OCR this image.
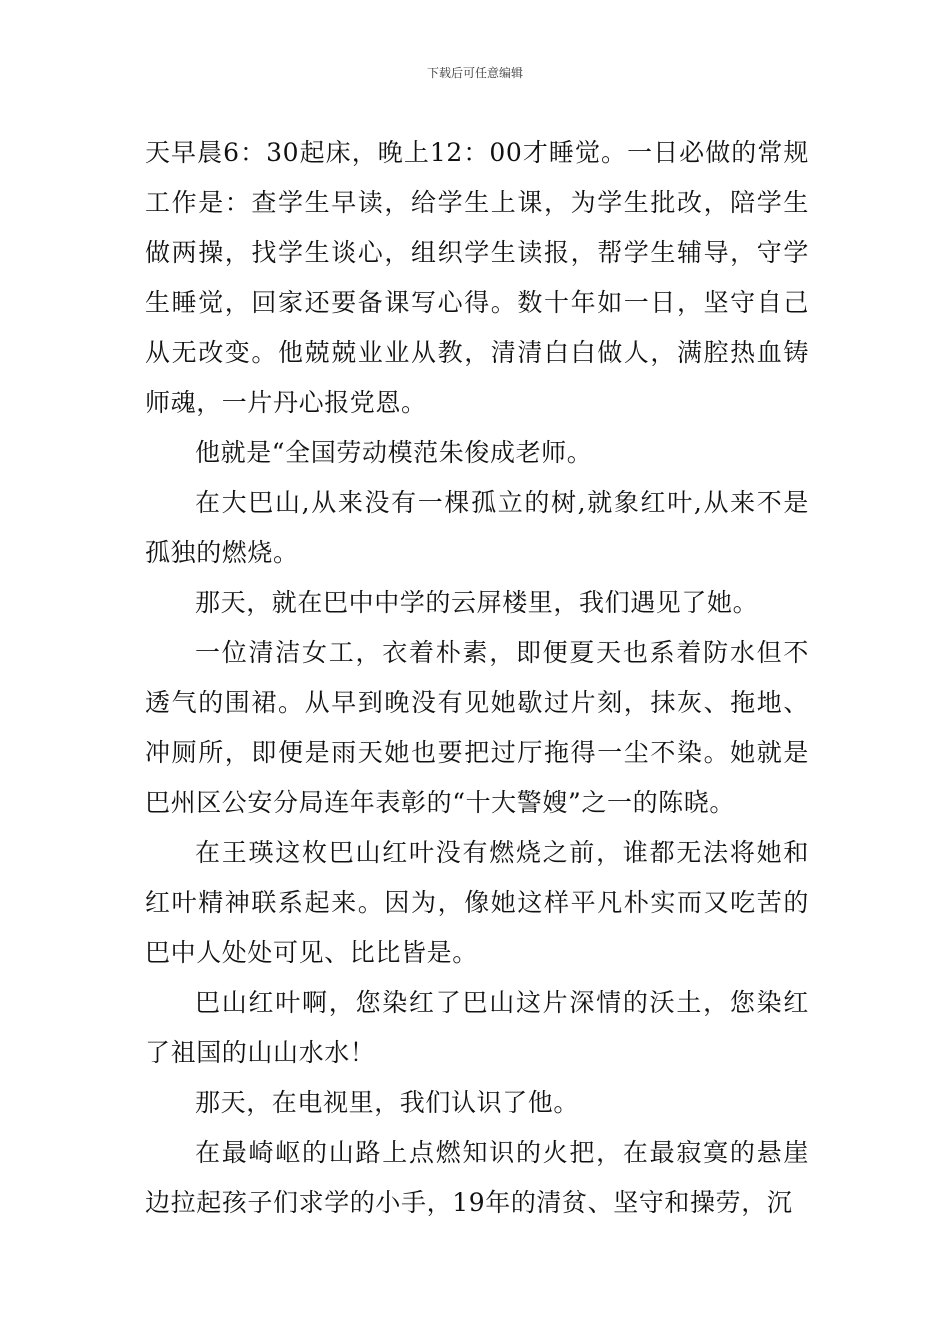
下载后可任意编辑

天早晨6：30起床，晚上12：00才睡觉。一日必做的常规工作是：查学生早读，给学生上课，为学生批改，陪学生做两操，找学生谈心，组织学生读报，帮学生辅导，守学生睡觉，回家还要备课写心得。数十年如一日，坚守自己从无改变。他兢兢业业从教，清清白白做人，满腔热血铸师魂，一片丹心报党恩。

他就是“全国劳动模范朱俊成老师。

在大巴山,从来没有一棵孤立的树,就象红叶,从来不是孤独的燃烧。

那天，就在巴中中学的云屏楼里，我们遇见了她。

一位清洁女工，衣着朴素，即便夏天也系着防水但不透气的围裙。从早到晚没有见她歇过片刻，抹灰、拖地、冲厕所，即便是雨天她也要把过厅拖得一尘不染。她就是巴州区公安分局连年表彰的“十大警嫂”之一的陈晓。

在王瑛这枚巴山红叶没有燃烧之前，谁都无法将她和红叶精神联系起来。因为，像她这样平凡朴实而又吃苦的巴中人处处可见、比比皆是。

巴山红叶啊，您染红了巴山这片深情的沃土，您染红了祖国的山山水水！

那天，在电视里，我们认识了他。

在最崎岖的山路上点燃知识的火把，在最寂寞的悬崖边拉起孩子们求学的小手，19年的清贫、坚守和操劳，沉
